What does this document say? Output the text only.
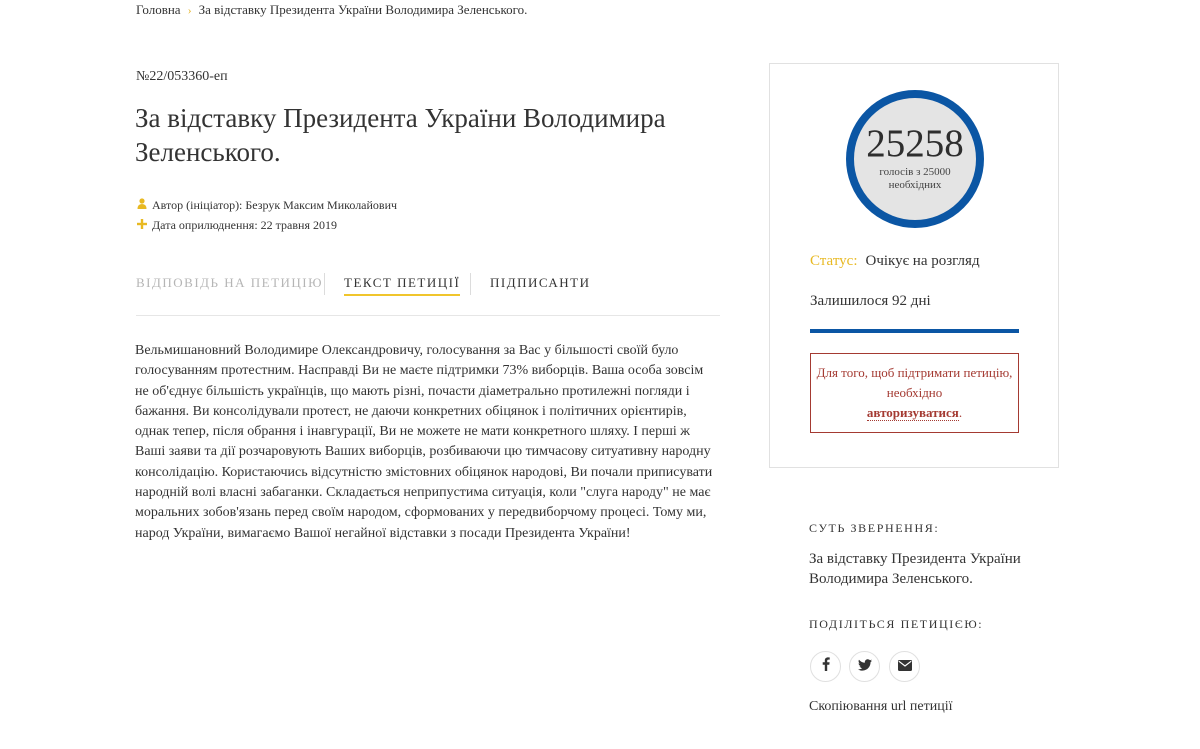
Головна › За відставку Президента України Володимира Зеленського.
№22/053360-еп
За відставку Президента України Володимира Зеленського.
Автор (ініціатор): Безрук Максим Миколайович
Дата оприлюднення: 22 травня 2019
ВІДПОВІДЬ НА ПЕТИЦІЮ ТЕКСТ ПЕТИЦІЇ ПІДПИСАНТИ

Вельмишановний Володимире Олександровичу, голосування за Вас у більшості своїй було голосуванням протестним. Насправді Ви не маєте підтримки 73% виборців. Ваша особа зовсім не об'єднує більшість українців, що мають різні, почасти діаметрально протилежні погляди і бажання. Ви консолідували протест, не даючи конкретних обіцянок і політичних орієнтирів, однак тепер, після обрання і інавгурації, Ви не можете не мати конкретного шляху. І перші ж Ваші заяви та дії розчаровують Ваших виборців, розбиваючи цю тимчасову ситуативну народну консолідацію. Користаючись відсутністю змістовних обіцянок народові, Ви почали приписувати народній волі власні забаганки. Складається неприпустима ситуація, коли "слуга народу" не має моральних зобов'язань перед своїм народом, сформованих у передвиборчому процесі. Тому ми, народ України, вимагаємо Вашої негайної відставки з посади Президента України!

25258
голосів з 25000
необхідних
Статус: Очікує на розгляд
Залишилося 92 дні
Для того, щоб підтримати петицію, необхідно
авторизуватися.
СУТЬ ЗВЕРНЕННЯ:
За відставку Президента України Володимира Зеленського.
ПОДІЛІТЬСЯ ПЕТИЦІЄЮ:
Скопіювання url петиції
